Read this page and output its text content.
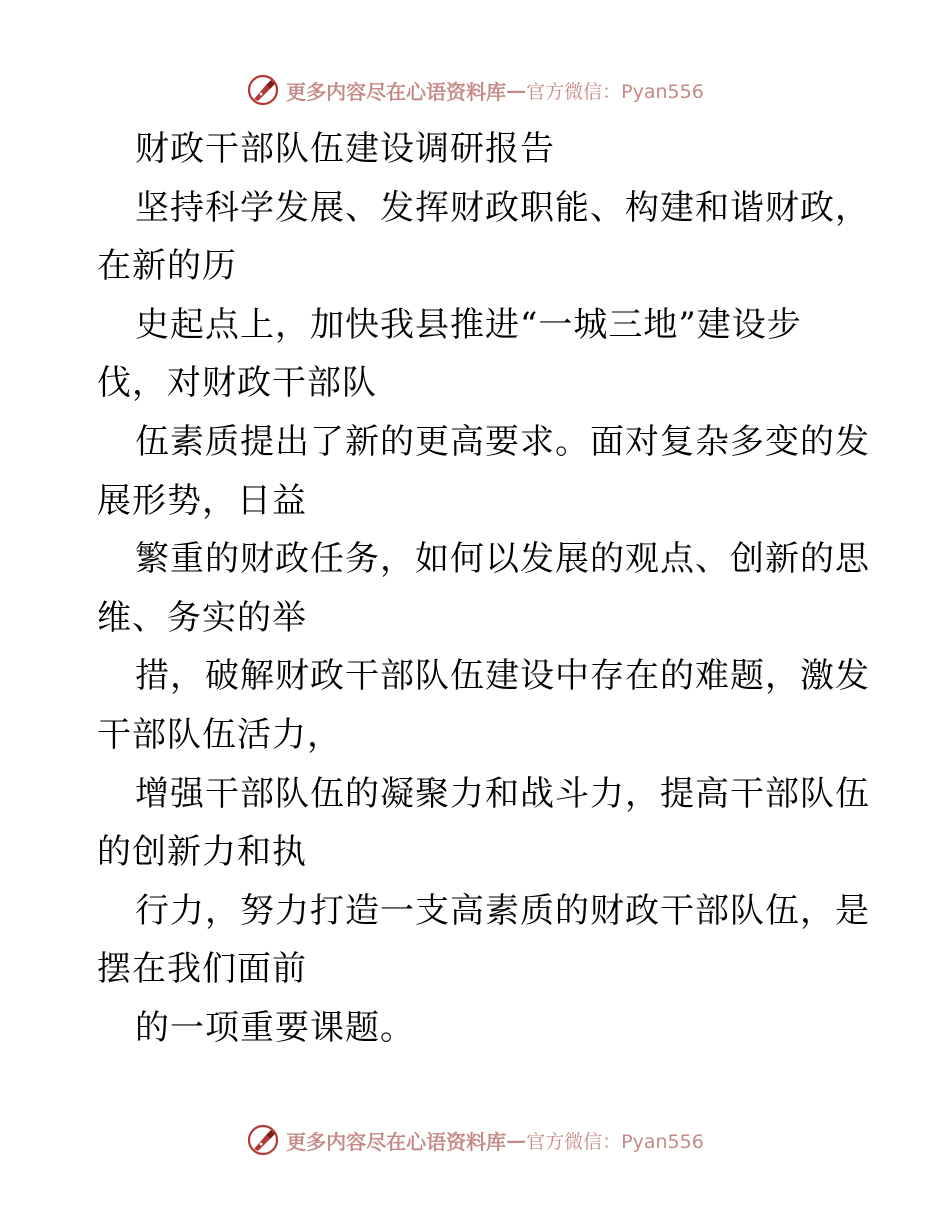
更多内容尽在心语资料库 — 官方微信：Pyan556
财政干部队伍建设调研报告
坚持科学发展、发挥财政职能、构建和谐财政，
在新的历
史起点上，加快我县推进“一城三地”建设步
伐，对财政干部队
伍素质提出了新的更高要求。面对复杂多变的发
展形势，日益
繁重的财政任务，如何以发展的观点、创新的思
维、务实的举
措，破解财政干部队伍建设中存在的难题，激发
干部队伍活力，
增强干部队伍的凝聚力和战斗力，提高干部队伍
的创新力和执
行力，努力打造一支高素质的财政干部队伍，是
摆在我们面前
的一项重要课题。
更多内容尽在心语资料库 — 官方微信：Pyan556
